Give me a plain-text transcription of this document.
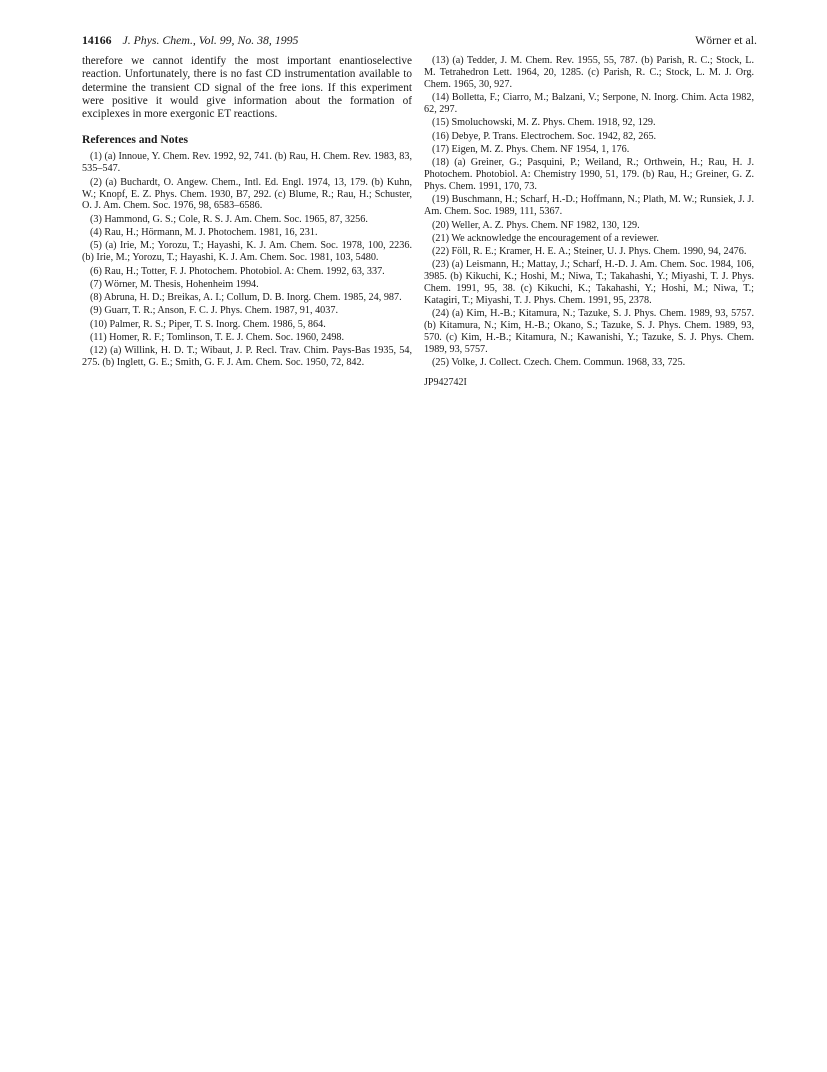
14166 J. Phys. Chem., Vol. 99, No. 38, 1995	Wörner et al.

therefore we cannot identify the most important enantioselective reaction. Unfortunately, there is no fast CD instrumentation available to determine the transient CD signal of the free ions. If this experiment were positive it would give information about the formation of exciplexes in more exergonic ET reactions.

References and Notes

(1) (a) Innoue, Y. Chem. Rev. 1992, 92, 741. (b) Rau, H. Chem. Rev. 1983, 83, 535–547.

(2) (a) Buchardt, O. Angew. Chem., Intl. Ed. Engl. 1974, 13, 179. (b) Kuhn, W.; Knopf, E. Z. Phys. Chem. 1930, B7, 292. (c) Blume, R.; Rau, H.; Schuster, O. J. Am. Chem. Soc. 1976, 98, 6583–6586.

(3) Hammond, G. S.; Cole, R. S. J. Am. Chem. Soc. 1965, 87, 3256.

(4) Rau, H.; Hörmann, M. J. Photochem. 1981, 16, 231.

(5) (a) Irie, M.; Yorozu, T.; Hayashi, K. J. Am. Chem. Soc. 1978, 100, 2236. (b) Irie, M.; Yorozu, T.; Hayashi, K. J. Am. Chem. Soc. 1981, 103, 5480.

(6) Rau, H.; Totter, F. J. Photochem. Photobiol. A: Chem. 1992, 63, 337.

(7) Wörner, M. Thesis, Hohenheim 1994.

(8) Abruna, H. D.; Breikas, A. I.; Collum, D. B. Inorg. Chem. 1985, 24, 987.

(9) Guarr, T. R.; Anson, F. C. J. Phys. Chem. 1987, 91, 4037.

(10) Palmer, R. S.; Piper, T. S. Inorg. Chem. 1986, 5, 864.

(11) Homer, R. F.; Tomlinson, T. E. J. Chem. Soc. 1960, 2498.

(12) (a) Willink, H. D. T.; Wibaut, J. P. Recl. Trav. Chim. Pays-Bas 1935, 54, 275. (b) Inglett, G. E.; Smith, G. F. J. Am. Chem. Soc. 1950, 72, 842.

(13) (a) Tedder, J. M. Chem. Rev. 1955, 55, 787. (b) Parish, R. C.; Stock, L. M. Tetrahedron Lett. 1964, 20, 1285. (c) Parish, R. C.; Stock, L. M. J. Org. Chem. 1965, 30, 927.

(14) Bolletta, F.; Ciarro, M.; Balzani, V.; Serpone, N. Inorg. Chim. Acta 1982, 62, 297.

(15) Smoluchowski, M. Z. Phys. Chem. 1918, 92, 129.

(16) Debye, P. Trans. Electrochem. Soc. 1942, 82, 265.

(17) Eigen, M. Z. Phys. Chem. NF 1954, 1, 176.

(18) (a) Greiner, G.; Pasquini, P.; Weiland, R.; Orthwein, H.; Rau, H. J. Photochem. Photobiol. A: Chemistry 1990, 51, 179. (b) Rau, H.; Greiner, G. Z. Phys. Chem. 1991, 170, 73.

(19) Buschmann, H.; Scharf, H.-D.; Hoffmann, N.; Plath, M. W.; Runsiek, J. J. Am. Chem. Soc. 1989, 111, 5367.

(20) Weller, A. Z. Phys. Chem. NF 1982, 130, 129.

(21) We acknowledge the encouragement of a reviewer.

(22) Föll, R. E.; Kramer, H. E. A.; Steiner, U. J. Phys. Chem. 1990, 94, 2476.

(23) (a) Leismann, H.; Mattay, J.; Scharf, H.-D. J. Am. Chem. Soc. 1984, 106, 3985. (b) Kikuchi, K.; Hoshi, M.; Niwa, T.; Takahashi, Y.; Miyashi, T. J. Phys. Chem. 1991, 95, 38. (c) Kikuchi, K.; Takahashi, Y.; Hoshi, M.; Niwa, T.; Katagiri, T.; Miyashi, T. J. Phys. Chem. 1991, 95, 2378.

(24) (a) Kim, H.-B.; Kitamura, N.; Tazuke, S. J. Phys. Chem. 1989, 93, 5757. (b) Kitamura, N.; Kim, H.-B.; Okano, S.; Tazuke, S. J. Phys. Chem. 1989, 93, 570. (c) Kim, H.-B.; Kitamura, N.; Kawanishi, Y.; Tazuke, S. J. Phys. Chem. 1989, 93, 5757.

(25) Volke, J. Collect. Czech. Chem. Commun. 1968, 33, 725.

JP942742I
